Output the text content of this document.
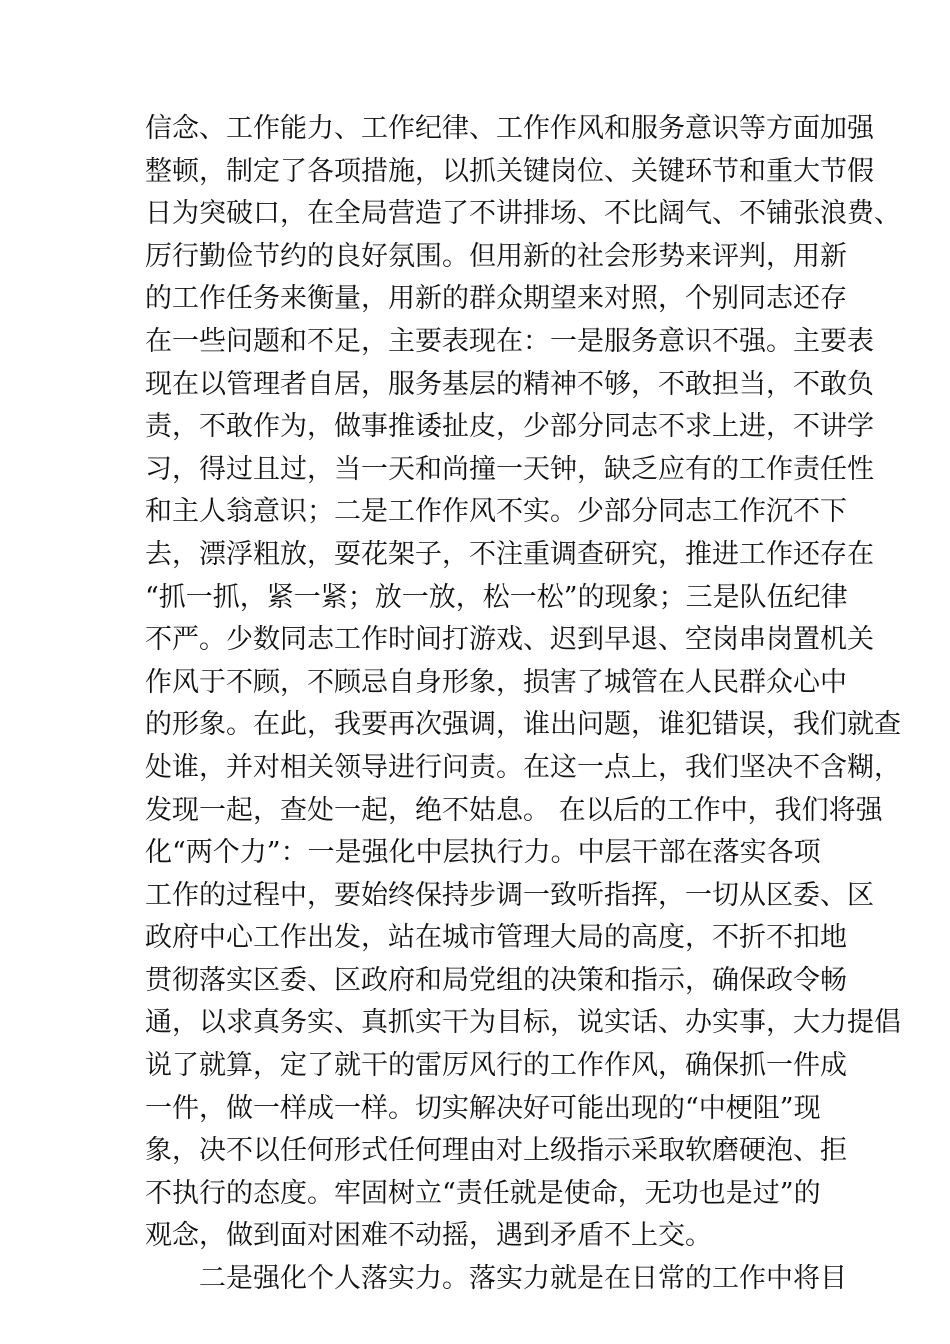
信念、工作能力、工作纪律、工作作风和服务意识等方面加强
整顿，制定了各项措施，以抓关键岗位、关键环节和重大节假
日为突破口，在全局营造了不讲排场、不比阔气、不铺张浪费、
厉行勤俭节约的良好氛围。但用新的社会形势来评判，用新
的工作任务来衡量，用新的群众期望来对照，个别同志还存
在一些问题和不足，主要表现在：一是服务意识不强。主要表
现在以管理者自居，服务基层的精神不够，不敢担当，不敢负
责，不敢作为，做事推诿扯皮，少部分同志不求上进，不讲学
习，得过且过，当一天和尚撞一天钟，缺乏应有的工作责任性
和主人翁意识；二是工作作风不实。少部分同志工作沉不下
去，漂浮粗放，耍花架子，不注重调查研究，推进工作还存在
“抓一抓，紧一紧；放一放，松一松”的现象；三是队伍纪律
不严。少数同志工作时间打游戏、迟到早退、空岗串岗置机关
作风于不顾，不顾忌自身形象，损害了城管在人民群众心中
的形象。在此，我要再次强调，谁出问题，谁犯错误，我们就查
处谁，并对相关领导进行问责。在这一点上，我们坚决不含糊，
发现一起，查处一起，绝不姑息。 在以后的工作中，我们将强
化“两个力”：一是强化中层执行力。中层干部在落实各项
工作的过程中，要始终保持步调一致听指挥，一切从区委、区
政府中心工作出发，站在城市管理大局的高度，不折不扣地
贯彻落实区委、区政府和局党组的决策和指示，确保政令畅
通，以求真务实、真抓实干为目标，说实话、办实事，大力提倡
说了就算，定了就干的雷厉风行的工作作风，确保抓一件成
一件，做一样成一样。切实解决好可能出现的“中梗阻”现
象，决不以任何形式任何理由对上级指示采取软磨硬泡、拒
不执行的态度。牢固树立“责任就是使命，无功也是过”的
观念，做到面对困难不动摇，遇到矛盾不上交。
二是强化个人落实力。落实力就是在日常的工作中将目
